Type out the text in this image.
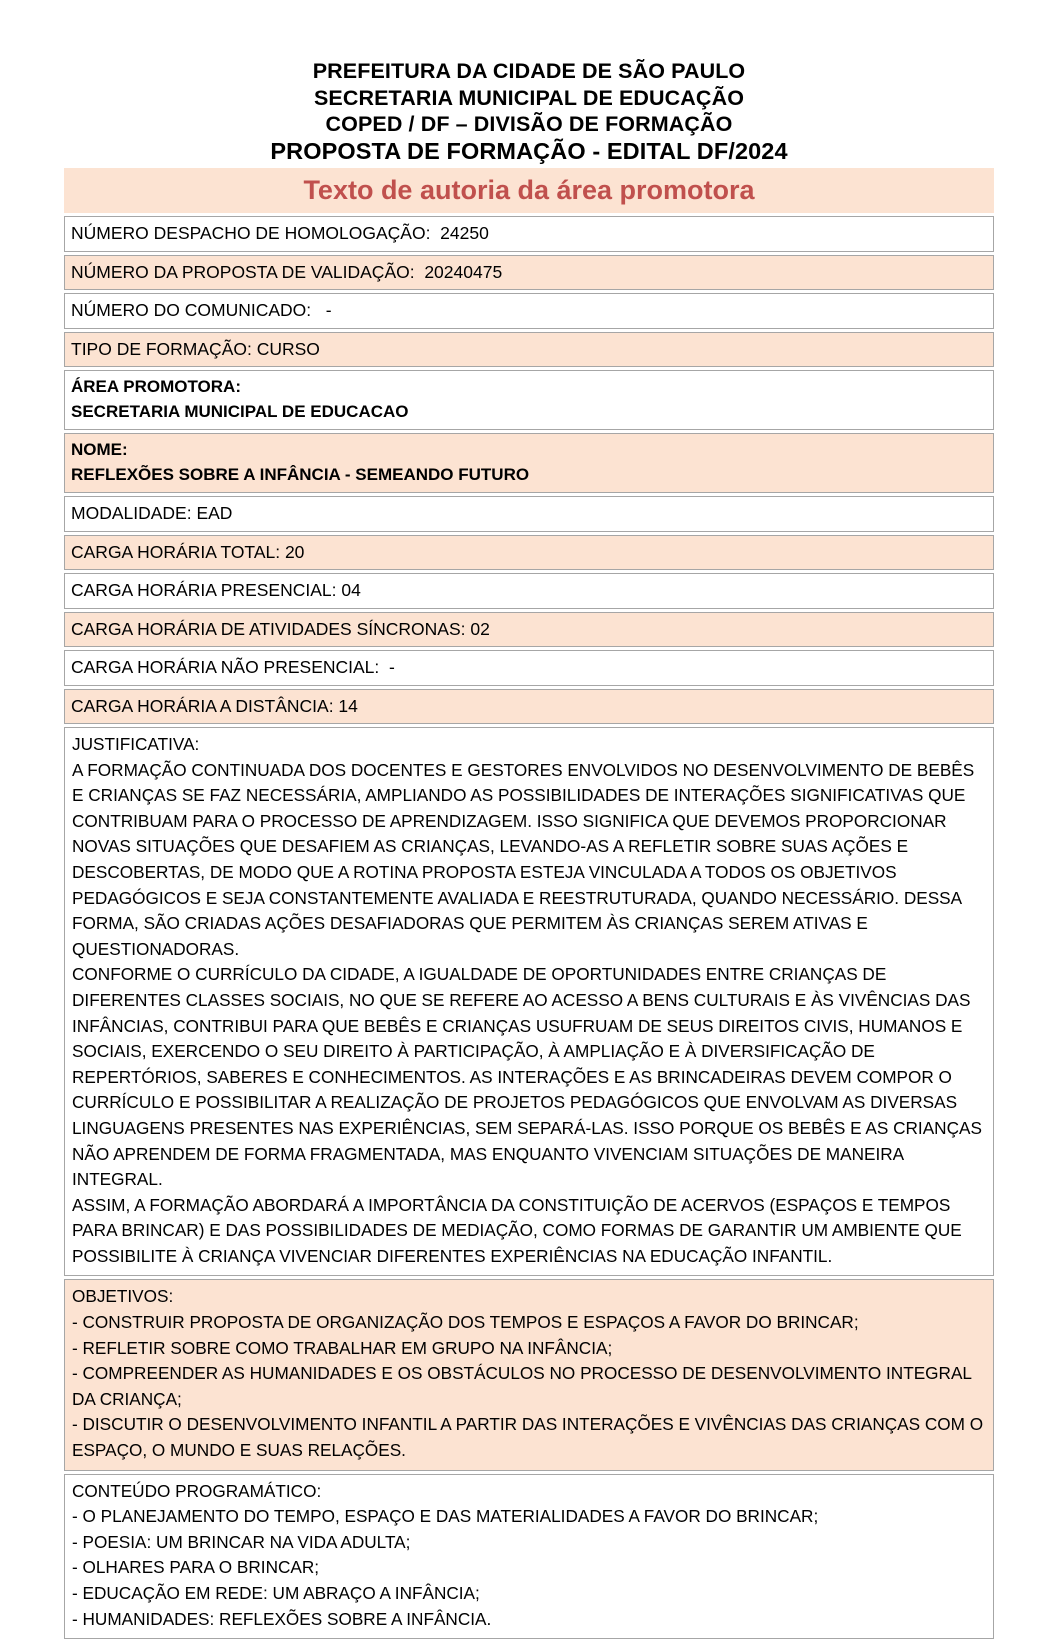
PREFEITURA DA CIDADE DE SÃO PAULO
SECRETARIA MUNICIPAL DE EDUCAÇÃO
COPED / DF – DIVISÃO DE FORMAÇÃO
PROPOSTA DE FORMAÇÃO - EDITAL DF/2024
Texto de autoria da área promotora
NÚMERO DESPACHO DE HOMOLOGAÇÃO:  24250
NÚMERO DA PROPOSTA DE VALIDAÇÃO:  20240475
NÚMERO DO COMUNICADO:   -
TIPO DE FORMAÇÃO: CURSO
ÁREA PROMOTORA:
SECRETARIA MUNICIPAL DE EDUCACAO
NOME:
REFLEXÕES SOBRE A INFÂNCIA - SEMEANDO FUTURO
MODALIDADE: EAD
CARGA HORÁRIA TOTAL: 20
CARGA HORÁRIA PRESENCIAL: 04
CARGA HORÁRIA DE ATIVIDADES SÍNCRONAS: 02
CARGA HORÁRIA NÃO PRESENCIAL:  -
CARGA HORÁRIA A DISTÂNCIA: 14

JUSTIFICATIVA:

A FORMAÇÃO CONTINUADA DOS DOCENTES E GESTORES ENVOLVIDOS NO DESENVOLVIMENTO DE BEBÊS E CRIANÇAS SE FAZ NECESSÁRIA, AMPLIANDO AS POSSIBILIDADES DE INTERAÇÕES SIGNIFICATIVAS QUE CONTRIBUAM PARA O PROCESSO DE APRENDIZAGEM. ISSO SIGNIFICA QUE DEVEMOS PROPORCIONAR NOVAS SITUAÇÕES QUE DESAFIEM AS CRIANÇAS, LEVANDO-AS A REFLETIR SOBRE SUAS AÇÕES E DESCOBERTAS, DE MODO QUE A ROTINA PROPOSTA ESTEJA VINCULADA A TODOS OS OBJETIVOS PEDAGÓGICOS E SEJA CONSTANTEMENTE AVALIADA E REESTRUTURADA, QUANDO NECESSÁRIO. DESSA FORMA, SÃO CRIADAS AÇÕES DESAFIADORAS QUE PERMITEM ÀS CRIANÇAS SEREM ATIVAS E QUESTIONADORAS.

CONFORME O CURRÍCULO DA CIDADE, A IGUALDADE DE OPORTUNIDADES ENTRE CRIANÇAS DE DIFERENTES CLASSES SOCIAIS, NO QUE SE REFERE AO ACESSO A BENS CULTURAIS E ÀS VIVÊNCIAS DAS INFÂNCIAS, CONTRIBUI PARA QUE BEBÊS E CRIANÇAS USUFRUAM DE SEUS DIREITOS CIVIS, HUMANOS E SOCIAIS, EXERCENDO O SEU DIREITO À PARTICIPAÇÃO, À AMPLIAÇÃO E À DIVERSIFICAÇÃO DE REPERTÓRIOS, SABERES E CONHECIMENTOS. AS INTERAÇÕES E AS BRINCADEIRAS DEVEM COMPOR O CURRÍCULO E POSSIBILITAR A REALIZAÇÃO DE PROJETOS PEDAGÓGICOS QUE ENVOLVAM AS DIVERSAS LINGUAGENS PRESENTES NAS EXPERIÊNCIAS, SEM SEPARÁ-LAS. ISSO PORQUE OS BEBÊS E AS CRIANÇAS NÃO APRENDEM DE FORMA FRAGMENTADA, MAS ENQUANTO VIVENCIAM SITUAÇÕES DE MANEIRA INTEGRAL.

ASSIM, A FORMAÇÃO ABORDARÁ A IMPORTÂNCIA DA CONSTITUIÇÃO DE ACERVOS (ESPAÇOS E TEMPOS PARA BRINCAR) E DAS POSSIBILIDADES DE MEDIAÇÃO, COMO FORMAS DE GARANTIR UM AMBIENTE QUE POSSIBILITE À CRIANÇA VIVENCIAR DIFERENTES EXPERIÊNCIAS NA EDUCAÇÃO INFANTIL.

OBJETIVOS:

- CONSTRUIR PROPOSTA DE ORGANIZAÇÃO DOS TEMPOS E ESPAÇOS A FAVOR DO BRINCAR;

- REFLETIR SOBRE COMO TRABALHAR EM GRUPO NA INFÂNCIA;

- COMPREENDER AS HUMANIDADES E OS OBSTÁCULOS NO PROCESSO DE DESENVOLVIMENTO INTEGRAL DA CRIANÇA;

- DISCUTIR O DESENVOLVIMENTO INFANTIL A PARTIR DAS INTERAÇÕES E VIVÊNCIAS DAS CRIANÇAS COM O ESPAÇO, O MUNDO E SUAS RELAÇÕES.

CONTEÚDO PROGRAMÁTICO:

- O PLANEJAMENTO DO TEMPO, ESPAÇO E DAS MATERIALIDADES A FAVOR DO BRINCAR;

- POESIA: UM BRINCAR NA VIDA ADULTA;

- OLHARES PARA O BRINCAR;

- EDUCAÇÃO EM REDE: UM ABRAÇO A INFÂNCIA;

- HUMANIDADES: REFLEXÕES SOBRE A INFÂNCIA.
